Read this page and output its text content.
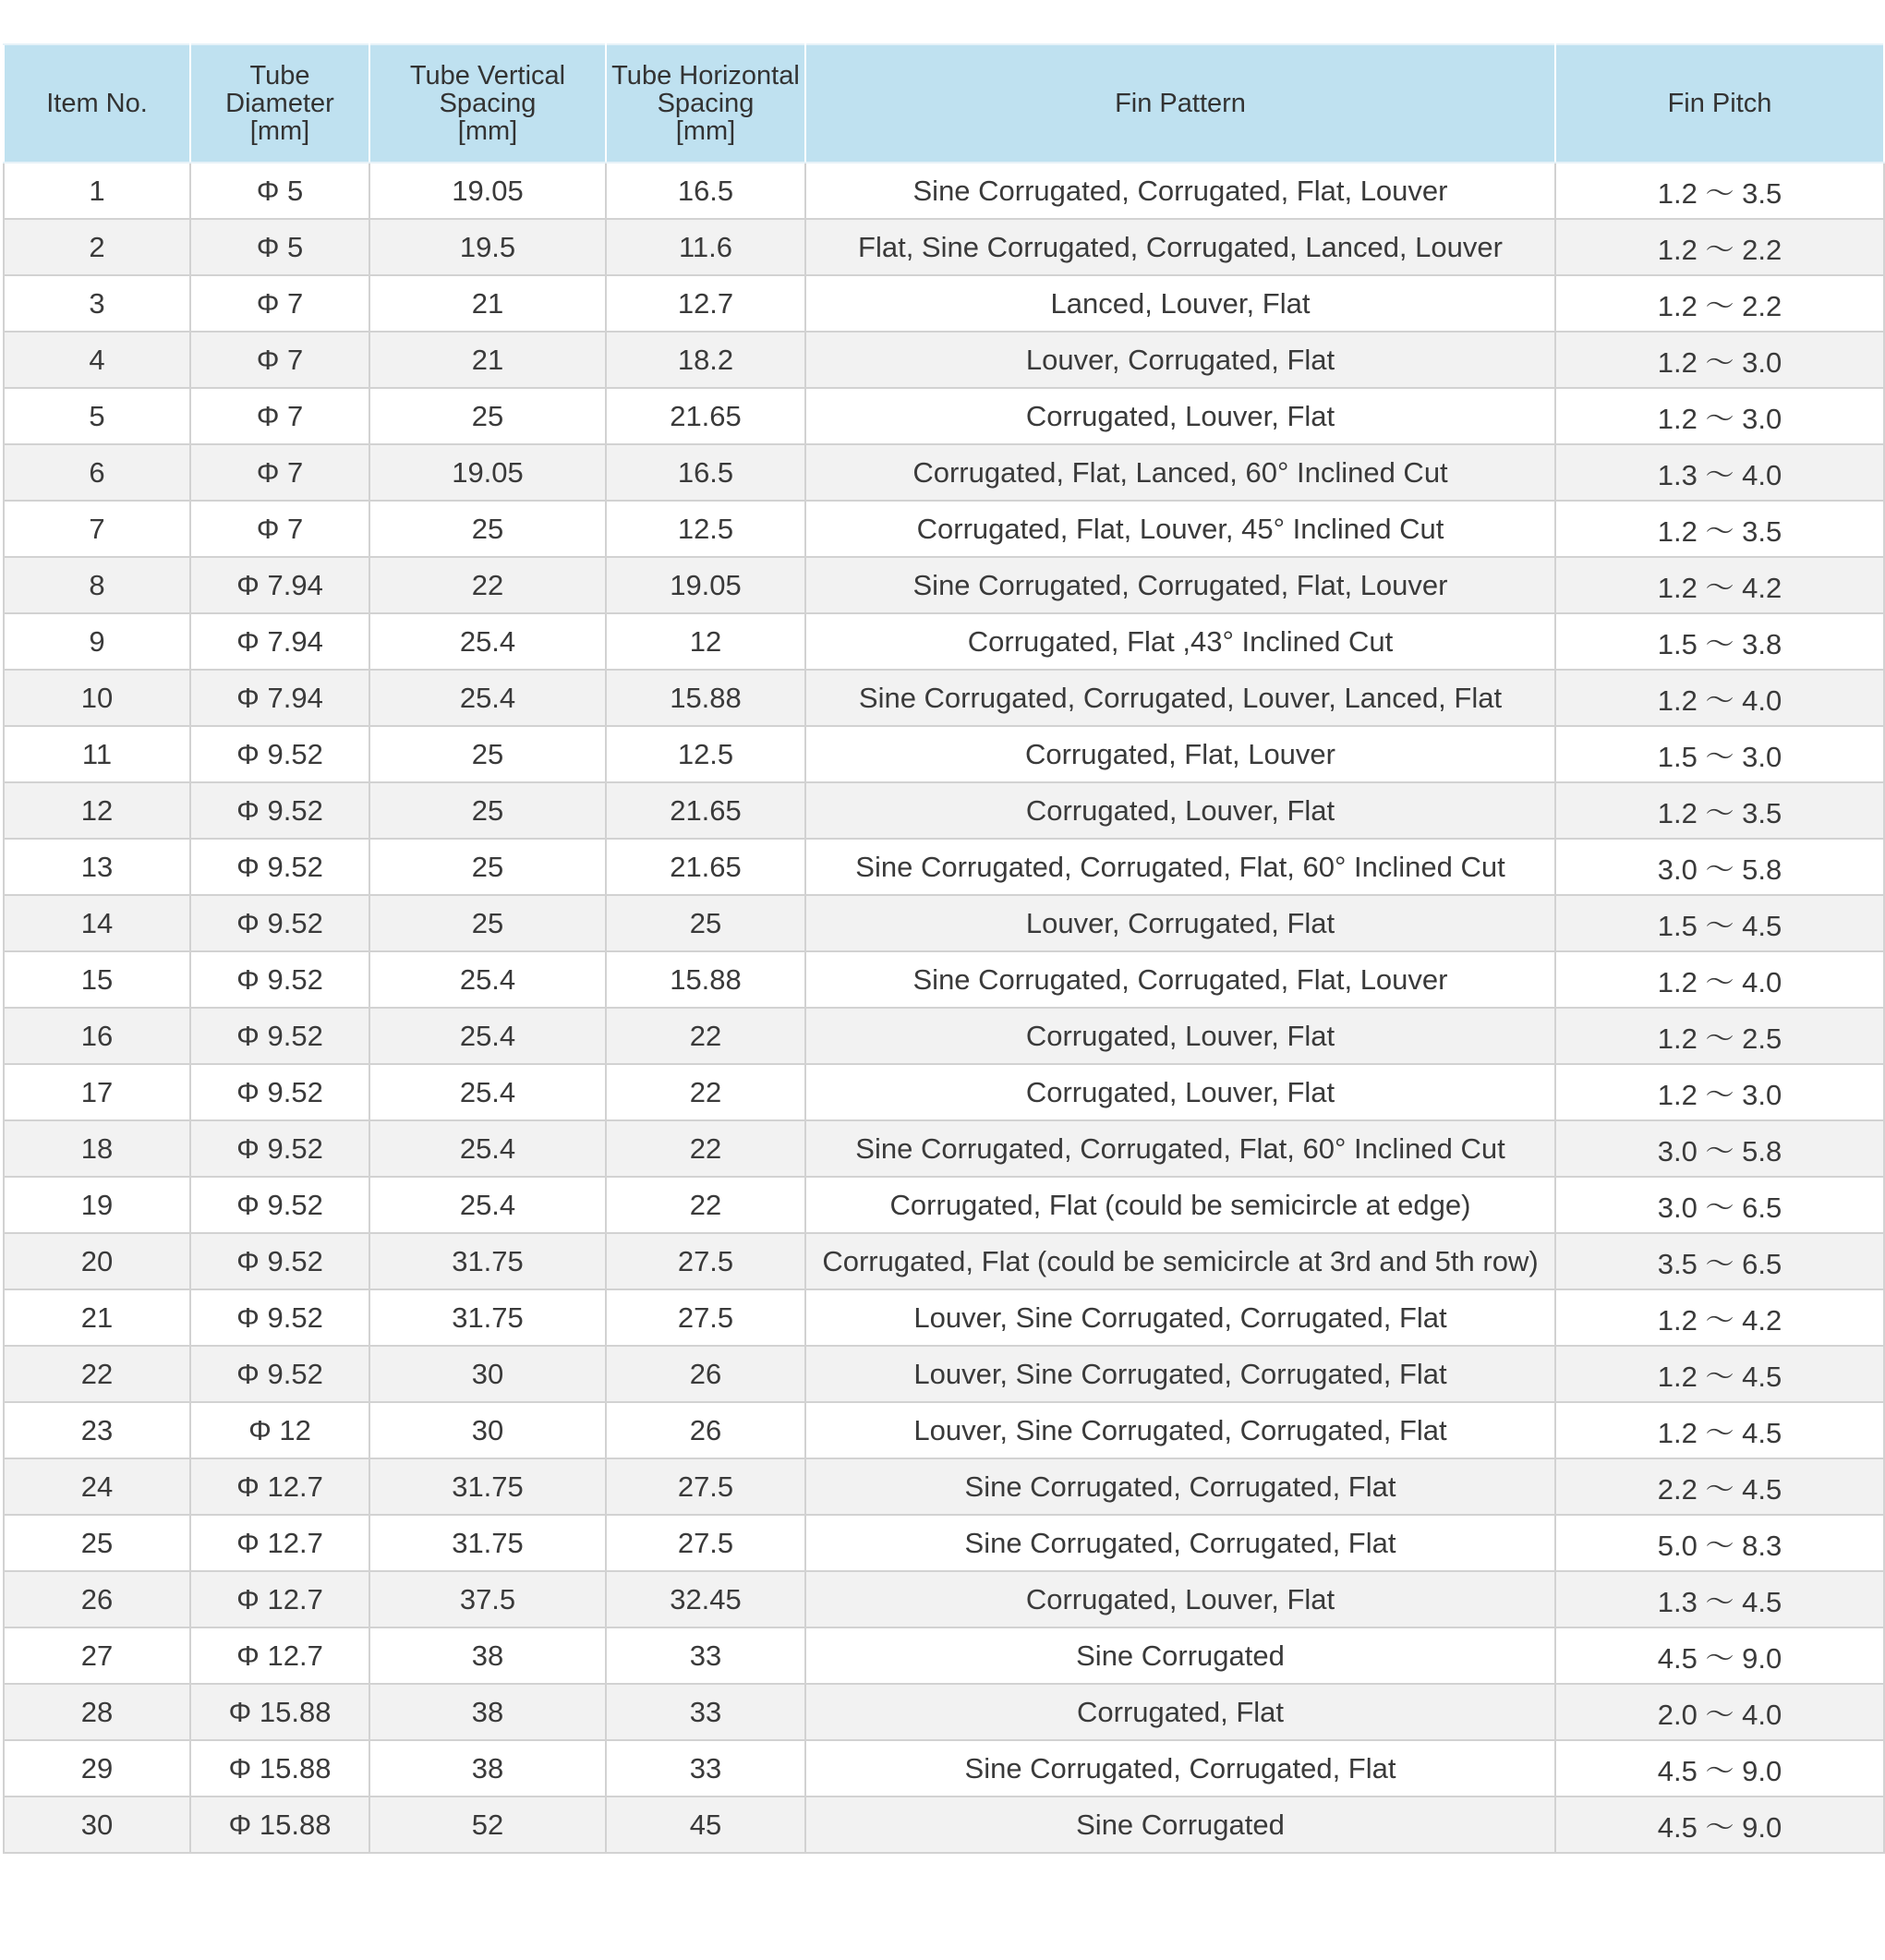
Item No.	Tube
Diameter
[mm]	Tube Vertical
Spacing
[mm]	Tube Horizontal
Spacing
[mm]	Fin Pattern	Fin Pitch

1	Φ 5	19.05	16.5	Sine Corrugated, Corrugated, Flat, Louver	1.2 ～ 3.5
2	Φ 5	19.5	11.6	Flat, Sine Corrugated, Corrugated, Lanced, Louver	1.2 ～ 2.2
3	Φ 7	21	12.7	Lanced, Louver, Flat	1.2 ～ 2.2
4	Φ 7	21	18.2	Louver, Corrugated, Flat	1.2 ～ 3.0
5	Φ 7	25	21.65	Corrugated, Louver, Flat	1.2 ～ 3.0
6	Φ 7	19.05	16.5	Corrugated, Flat, Lanced, 60° Inclined Cut	1.3 ～ 4.0
7	Φ 7	25	12.5	Corrugated, Flat, Louver, 45° Inclined Cut	1.2 ～ 3.5
8	Φ 7.94	22	19.05	Sine Corrugated, Corrugated, Flat, Louver	1.2 ～ 4.2
9	Φ 7.94	25.4	12	Corrugated, Flat ,43° Inclined Cut	1.5 ～ 3.8
10	Φ 7.94	25.4	15.88	Sine Corrugated, Corrugated, Louver, Lanced, Flat	1.2 ～ 4.0
11	Φ 9.52	25	12.5	Corrugated, Flat, Louver	1.5 ～ 3.0
12	Φ 9.52	25	21.65	Corrugated, Louver, Flat	1.2 ～ 3.5
13	Φ 9.52	25	21.65	Sine Corrugated, Corrugated, Flat, 60° Inclined Cut	3.0 ～ 5.8
14	Φ 9.52	25	25	Louver, Corrugated, Flat	1.5 ～ 4.5
15	Φ 9.52	25.4	15.88	Sine Corrugated, Corrugated, Flat, Louver	1.2 ～ 4.0
16	Φ 9.52	25.4	22	Corrugated, Louver, Flat	1.2 ～ 2.5
17	Φ 9.52	25.4	22	Corrugated, Louver, Flat	1.2 ～ 3.0
18	Φ 9.52	25.4	22	Sine Corrugated, Corrugated, Flat, 60° Inclined Cut	3.0 ～ 5.8
19	Φ 9.52	25.4	22	Corrugated, Flat (could be semicircle at edge)	3.0 ～ 6.5
20	Φ 9.52	31.75	27.5	Corrugated, Flat (could be semicircle at 3rd and 5th row)	3.5 ～ 6.5
21	Φ 9.52	31.75	27.5	Louver, Sine Corrugated, Corrugated, Flat	1.2 ～ 4.2
22	Φ 9.52	30	26	Louver, Sine Corrugated, Corrugated, Flat	1.2 ～ 4.5
23	Φ 12	30	26	Louver, Sine Corrugated, Corrugated, Flat	1.2 ～ 4.5
24	Φ 12.7	31.75	27.5	Sine Corrugated, Corrugated, Flat	2.2 ～ 4.5
25	Φ 12.7	31.75	27.5	Sine Corrugated, Corrugated, Flat	5.0 ～ 8.3
26	Φ 12.7	37.5	32.45	Corrugated, Louver, Flat	1.3 ～ 4.5
27	Φ 12.7	38	33	Sine Corrugated	4.5 ～ 9.0
28	Φ 15.88	38	33	Corrugated, Flat	2.0 ～ 4.0
29	Φ 15.88	38	33	Sine Corrugated, Corrugated, Flat	4.5 ～ 9.0
30	Φ 15.88	52	45	Sine Corrugated	4.5 ～ 9.0
